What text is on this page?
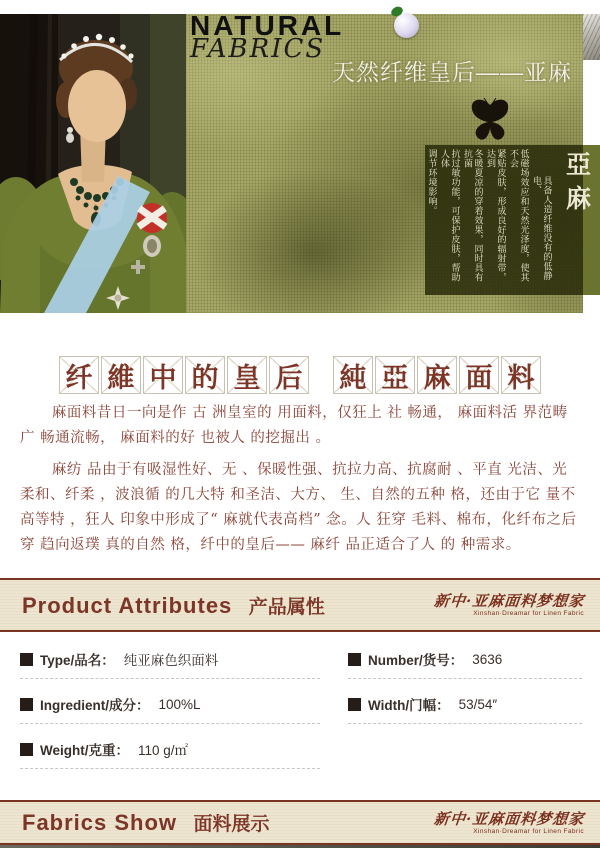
NATURAL
FABRICS
天然纤维皇后——亚麻
亞麻
具备人造纤维没有的低静电、
低磁场效应和天然光泽度，使其不会
紧贴皮肤，形成良好的辐射带，达到
冬暖夏凉的穿着效果，同时具有抗菌
抗过敏功能，可保护皮肤，帮助人体
调节环境影响。
纤 維 中 的 皇 后 純 亞 麻 面 料

麻面料昔日一向是作 古 洲皇室的 用面料，仅狂上 社 畅通， 麻面料活 界范畴 广 畅通流畅， 麻面料的好 也被人 的挖掘出 。

麻纺 品由于有吸湿性好、无 、保暖性强、抗拉力高、抗腐耐 、平直 光洁、光 柔和、纤柔 ，波浪循 的几大特 和圣洁、大方、 生、自然的五种 格，还由于它 量不高等特 ，狂人 印象中形成了“ 麻就代表高档” 念。人 狂穿 毛料、棉布，化纤布之后穿 趋向返璞 真的自然 格，纤中的皇后—— 麻纤 品正适合了人 的 种需求。

Product Attributes 产品属性	新中·亚麻面料梦想家
Xinshan·Dreamar for Linen Fabric
Type/品名： 纯亚麻色织面料
Ingredient/成分： 100%L
Weight/克重： 110 g/㎡
Number/货号： 3636
Width/门幅： 53/54″
Fabrics Show 面料展示	新中·亚麻面料梦想家
Xinshan·Dreamar for Linen Fabric
